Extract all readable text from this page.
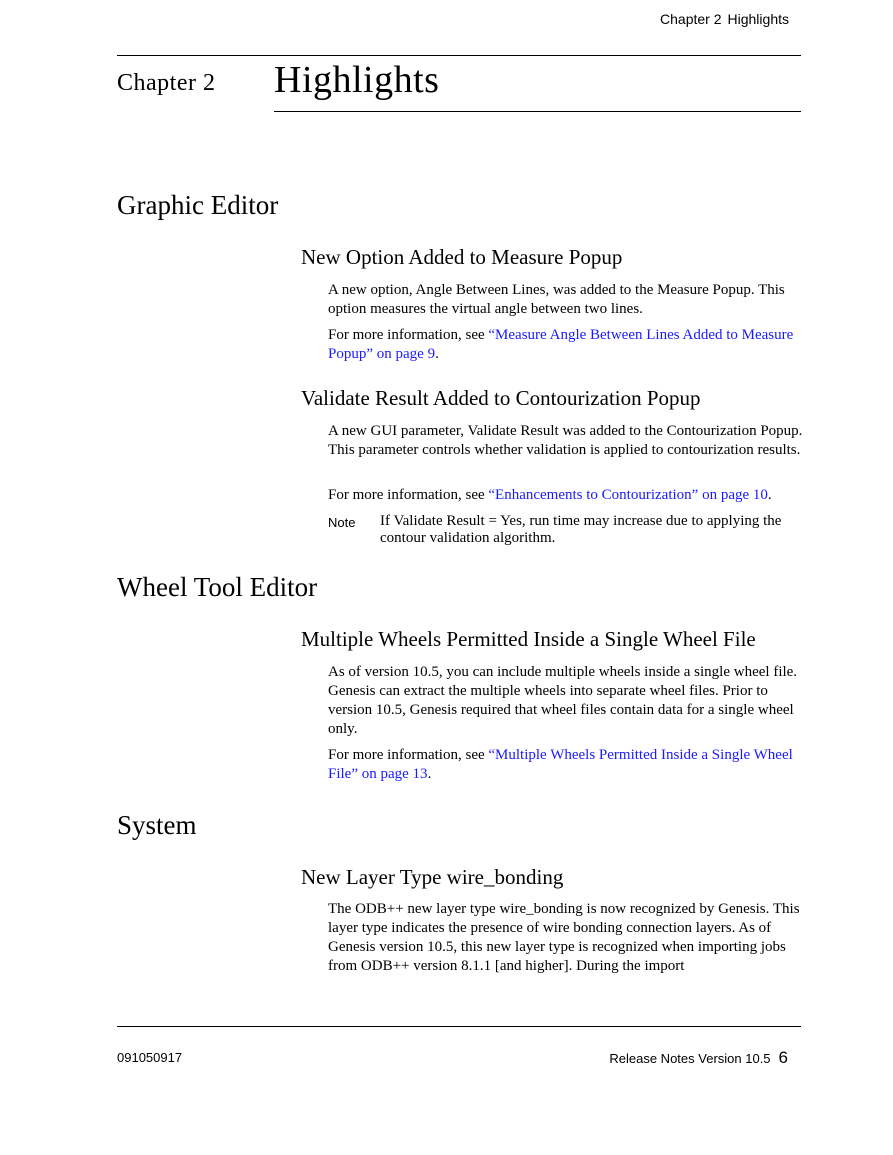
Chapter 2 Highlights
Chapter 2 Highlights
Graphic Editor
New Option Added to Measure Popup

A new option, Angle Between Lines, was added to the Measure Popup. This option measures the virtual angle between two lines.

For more information, see “Measure Angle Between Lines Added to Measure Popup” on page 9.

Validate Result Added to Contourization Popup

A new GUI parameter, Validate Result was added to the Contourization Popup. This parameter controls whether validation is applied to contourization results.

For more information, see “Enhancements to Contourization” on page 10.

Note If Validate Result = Yes, run time may increase due to applying the contour validation algorithm.

Wheel Tool Editor
Multiple Wheels Permitted Inside a Single Wheel File

As of version 10.5, you can include multiple wheels inside a single wheel file. Genesis can extract the multiple wheels into separate wheel files. Prior to version 10.5, Genesis required that wheel files contain data for a single wheel only.

For more information, see “Multiple Wheels Permitted Inside a Single Wheel File” on page 13.

System
New Layer Type wire_bonding

The ODB++ new layer type wire_bonding is now recognized by Genesis. This layer type indicates the presence of wire bonding connection layers. As of Genesis version 10.5, this new layer type is recognized when importing jobs from ODB++ version 8.1.1 [and higher]. During the import

091050917	Release Notes Version 10.5 6
